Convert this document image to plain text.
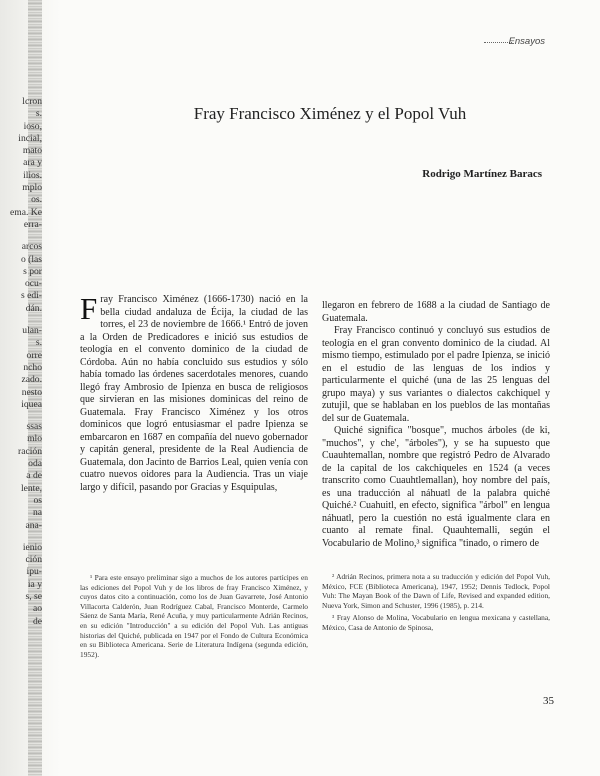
lcron
s.
ioso,
incial,
mato
ara y
ilios.
mplo
os.
ema. Ke
erra-
arcos
o (las
s por
ocu-
s edi-
dán.
ulan-
s.
orre
ncho
zado.
nesto
iquea
ssas
mlo
ración
oda
a de
lente,
os
na
ana-
ienio
ción
ipu-
ia y
s, se
ao
de
Ensayos
Fray Francisco Ximénez y el Popol Vuh
Rodrigo Martínez Baracs

F ray Francisco Ximénez (1666-1730) nació en la bella ciudad andaluza de Écija, la ciudad de las torres, el 23 de noviembre de 1666.¹ Entró de joven a la Orden de Predicadores e inició sus estudios de teología en el convento dominico de la ciudad de Córdoba. Aún no había concluido sus estudios y sólo había tomado las órdenes sacerdotales menores, cuando llegó fray Ambrosio de Ipienza en busca de religiosos que sirvieran en las misiones dominicas del reino de Guatemala. Fray Francisco Ximénez y los otros dominicos que logró entusiasmar el padre Ipienza se embarcaron en 1687 en compañía del nuevo gobernador y capitán general, presidente de la Real Audiencia de Guatemala, don Jacinto de Barrios Leal, quien venía con cuatro nuevos oidores para la Audiencia. Tras un viaje largo y difícil, pasando por Gracias y Esquipulas,

llegaron en febrero de 1688 a la ciudad de Santiago de Guatemala.

Fray Francisco continuó y concluyó sus estudios de teología en el gran convento dominico de la ciudad. Al mismo tiempo, estimulado por el padre Ipienza, se inició en el estudio de las lenguas de los indios y particularmente el quiché (una de las 25 lenguas del grupo maya) y sus variantes o dialectos cakchiquel y zutujil, que se hablaban en los pueblos de las montañas del sur de Guatemala.

Quiché significa "bosque", muchos árboles (de ki, "muchos", y che', "árboles"), y se ha supuesto que Cuauhtemallan, nombre que registró Pedro de Alvarado de la capital de los cakchiqueles en 1524 (a veces transcrito como Cuauhtlemallan), hoy nombre del país, es una traducción al náhuatl de la palabra quiché Quiché.² Cuahuitl, en efecto, significa "árbol" en lengua náhuatl, pero la cuestión no está igualmente clara en cuanto al remate final. Quauhtemalli, según el Vocabulario de Molino,³ significa "tinado, o rimero de

¹ Para este ensayo preliminar sigo a muchos de los autores partícipes en las ediciones del Popol Vuh y de los libros de fray Francisco Ximénez, y cuyos datos cito a continuación, como los de Juan Gavarrete, José Antonio Villacorta Calderón, Juan Rodríguez Cabal, Francisco Monterde, Carmelo Sáenz de Santa María, René Acuña, y muy particularmente Adrián Recinos, en su edición "Introducción" a su edición del Popol Vuh. Las antiguas historias del Quiché, publicada en 1947 por el Fondo de Cultura Económica en su Biblioteca Americana. Serie de Literatura Indígena (segunda edición, 1952).

² Adrián Recinos, primera nota a su traducción y edición del Popol Vuh, México, FCE (Biblioteca Americana), 1947, 1952; Dennis Tedlock, Popol Vuh: The Mayan Book of the Dawn of Life, Revised and expanded edition, Nueva York, Simon and Schuster, 1996 (1985), p. 214.

³ Fray Alonso de Molina, Vocabulario en lengua mexicana y castellana, México, Casa de Antonio de Spinosa,

35
